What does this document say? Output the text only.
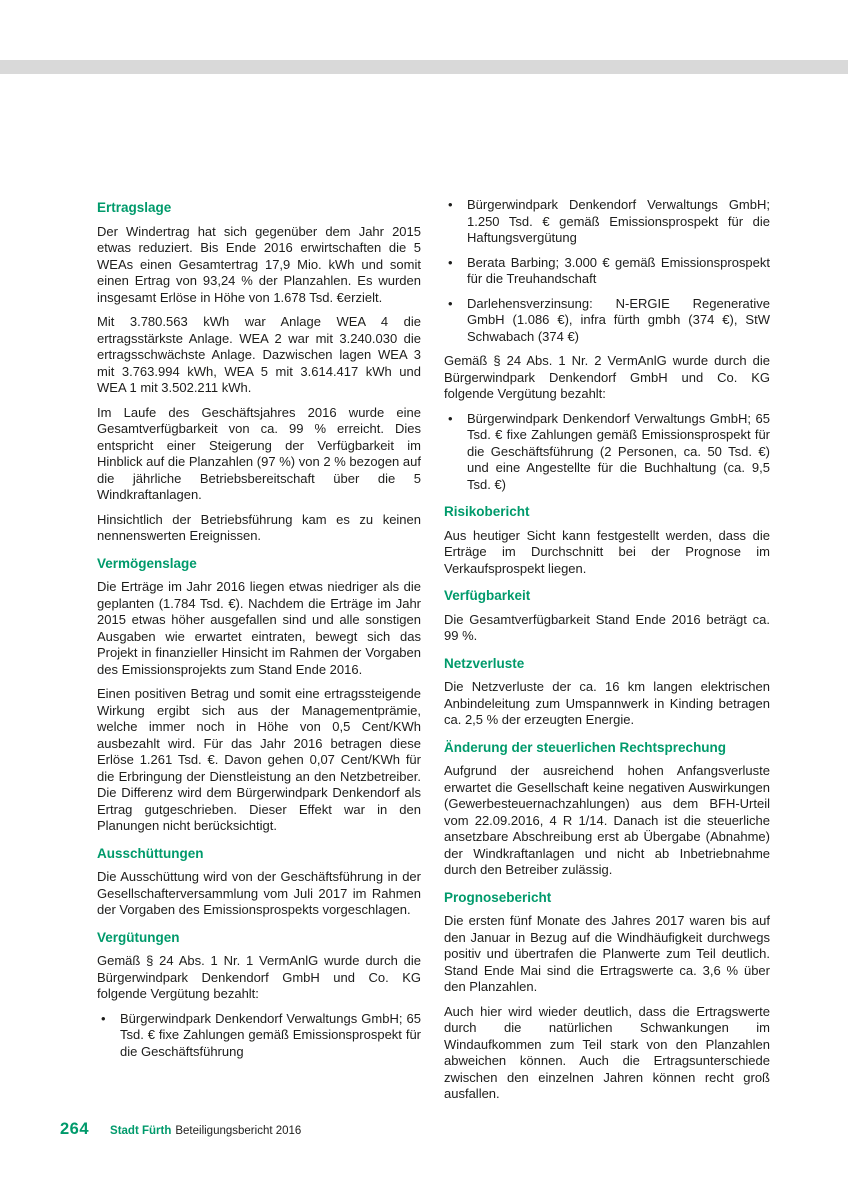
Ertragslage

Der Windertrag hat sich gegenüber dem Jahr 2015 etwas reduziert. Bis Ende 2016 erwirtschaften die 5 WEAs einen Gesamtertrag 17,9 Mio. kWh und somit einen Ertrag von 93,24 % der Planzahlen. Es wurden insgesamt Erlöse in Höhe von 1.678 Tsd. €erzielt.

Mit 3.780.563 kWh war Anlage WEA 4 die ertragsstärkste Anlage. WEA 2 war mit 3.240.030 die ertragsschwächste Anlage. Dazwischen lagen WEA 3 mit 3.763.994 kWh, WEA 5 mit 3.614.417 kWh und WEA 1 mit 3.502.211 kWh.

Im Laufe des Geschäftsjahres 2016 wurde eine Gesamtverfügbarkeit von ca. 99 % erreicht. Dies entspricht einer Steigerung der Verfügbarkeit im Hinblick auf die Planzahlen (97 %) von 2 % bezogen auf die jährliche Betriebsbereitschaft über die 5 Windkraftanlagen.

Hinsichtlich der Betriebsführung kam es zu keinen nennenswerten Ereignissen.

Vermögenslage

Die Erträge im Jahr 2016 liegen etwas niedriger als die geplanten (1.784 Tsd. €). Nachdem die Erträge im Jahr 2015 etwas höher ausgefallen sind und alle sonstigen Ausgaben wie erwartet eintraten, bewegt sich das Projekt in finanzieller Hinsicht im Rahmen der Vorgaben des Emissionsprojekts zum Stand Ende 2016.

Einen positiven Betrag und somit eine ertragssteigende Wirkung ergibt sich aus der Managementprämie, welche immer noch in Höhe von 0,5 Cent/KWh ausbezahlt wird. Für das Jahr 2016 betragen diese Erlöse 1.261 Tsd. €. Davon gehen 0,07 Cent/KWh für die Erbringung der Dienstleistung an den Netzbetreiber. Die Differenz wird dem Bürgerwindpark Denkendorf als Ertrag gutgeschrieben. Dieser Effekt war in den Planungen nicht berücksichtigt.

Ausschüttungen

Die Ausschüttung wird von der Geschäftsführung in der Gesellschafterversammlung vom Juli 2017 im Rahmen der Vorgaben des Emissionsprospekts vorgeschlagen.

Vergütungen

Gemäß § 24 Abs. 1 Nr. 1 VermAnlG wurde durch die Bürgerwindpark Denkendorf GmbH und Co. KG folgende Vergütung bezahlt:

•	Bürgerwindpark Denkendorf Verwaltungs GmbH; 65 Tsd. € fixe Zahlungen gemäß Emissionsprospekt für die Geschäftsführung
•	Bürgerwindpark Denkendorf Verwaltungs GmbH; 1.250 Tsd. € gemäß Emissionsprospekt für die Haftungsvergütung
•	Berata Barbing; 3.000 € gemäß Emissionsprospekt für die Treuhandschaft
•	Darlehensverzinsung: N-ERGIE Regenerative GmbH (1.086 €), infra fürth gmbh (374 €), StW Schwabach (374 €)

Gemäß § 24 Abs. 1 Nr. 2 VermAnlG wurde durch die Bürgerwindpark Denkendorf GmbH und Co. KG folgende Vergütung bezahlt:

•	Bürgerwindpark Denkendorf Verwaltungs GmbH; 65 Tsd. € fixe Zahlungen gemäß Emissionsprospekt für die Geschäftsführung (2 Personen, ca. 50 Tsd. €) und eine Angestellte für die Buchhaltung (ca. 9,5 Tsd. €)
Risikobericht

Aus heutiger Sicht kann festgestellt werden, dass die Erträge im Durchschnitt bei der Prognose im Verkaufsprospekt liegen.

Verfügbarkeit

Die Gesamtverfügbarkeit Stand Ende 2016 beträgt ca. 99 %.

Netzverluste

Die Netzverluste der ca. 16 km langen elektrischen Anbindeleitung zum Umspannwerk in Kinding betragen ca. 2,5 % der erzeugten Energie.

Änderung der steuerlichen Rechtsprechung

Aufgrund der ausreichend hohen Anfangsverluste erwartet die Gesellschaft keine negativen Auswirkungen (Gewerbesteuernachzahlungen) aus dem BFH-Urteil vom 22.09.2016, 4 R 1/14. Danach ist die steuerliche ansetzbare Abschreibung erst ab Übergabe (Abnahme) der Windkraftanlagen und nicht ab Inbetriebnahme durch den Betreiber zulässig.

Prognosebericht

Die ersten fünf Monate des Jahres 2017 waren bis auf den Januar in Bezug auf die Windhäufigkeit durchwegs positiv und übertrafen die Planwerte zum Teil deutlich. Stand Ende Mai sind die Ertragswerte ca. 3,6 % über den Planzahlen.

Auch hier wird wieder deutlich, dass die Ertragswerte durch die natürlichen Schwankungen im Windaufkommen zum Teil stark von den Planzahlen abweichen können. Auch die Ertragsunterschiede zwischen den einzelnen Jahren können recht groß ausfallen.

264 Stadt Fürth Beteiligungsbericht 2016
